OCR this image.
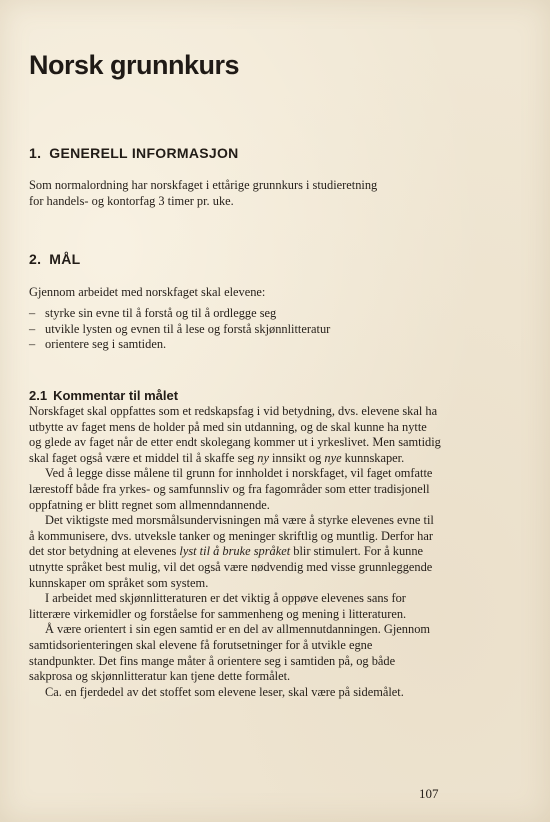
Norsk grunnkurs
1. GENERELL INFORMASJON

Som normalordning har norskfaget i ettårige grunnkurs i studieretning
for handels- og kontorfag 3 timer pr. uke.

2. MÅL

Gjennom arbeidet med norskfaget skal elevene:

– styrke sin evne til å forstå og til å ordlegge seg
– utvikle lysten og evnen til å lese og forstå skjønnlitteratur
– orientere seg i samtiden.
2.1 Kommentar til målet

Norskfaget skal oppfattes som et redskapsfag i vid betydning, dvs. elevene skal ha utbytte av faget mens de holder på med sin utdanning, og de skal kunne ha nytte og glede av faget når de etter endt skolegang kommer ut i yrkeslivet. Men samtidig skal faget også være et middel til å skaffe seg ny innsikt og nye kunnskaper.

Ved å legge disse målene til grunn for innholdet i norskfaget, vil faget omfatte lærestoff både fra yrkes- og samfunnsliv og fra fagområder som etter tradisjonell oppfatning er blitt regnet som allmenndannende.

Det viktigste med morsmålsundervisningen må være å styrke elevenes evne til å kommunisere, dvs. utveksle tanker og meninger skriftlig og muntlig. Derfor har det stor betydning at elevenes lyst til å bruke språket blir stimulert. For å kunne utnytte språket best mulig, vil det også være nødvendig med visse grunnleggende kunnskaper om språket som system.

I arbeidet med skjønnlitteraturen er det viktig å oppøve elevenes sans for litterære virkemidler og forståelse for sammenheng og mening i litteraturen.

Å være orientert i sin egen samtid er en del av allmennutdanningen. Gjennom samtidsorienteringen skal elevene få forutsetninger for å utvikle egne standpunkter. Det fins mange måter å orientere seg i samtiden på, og både sakprosa og skjønnlitteratur kan tjene dette formålet.

Ca. en fjerdedel av det stoffet som elevene leser, skal være på sidemålet.

107
